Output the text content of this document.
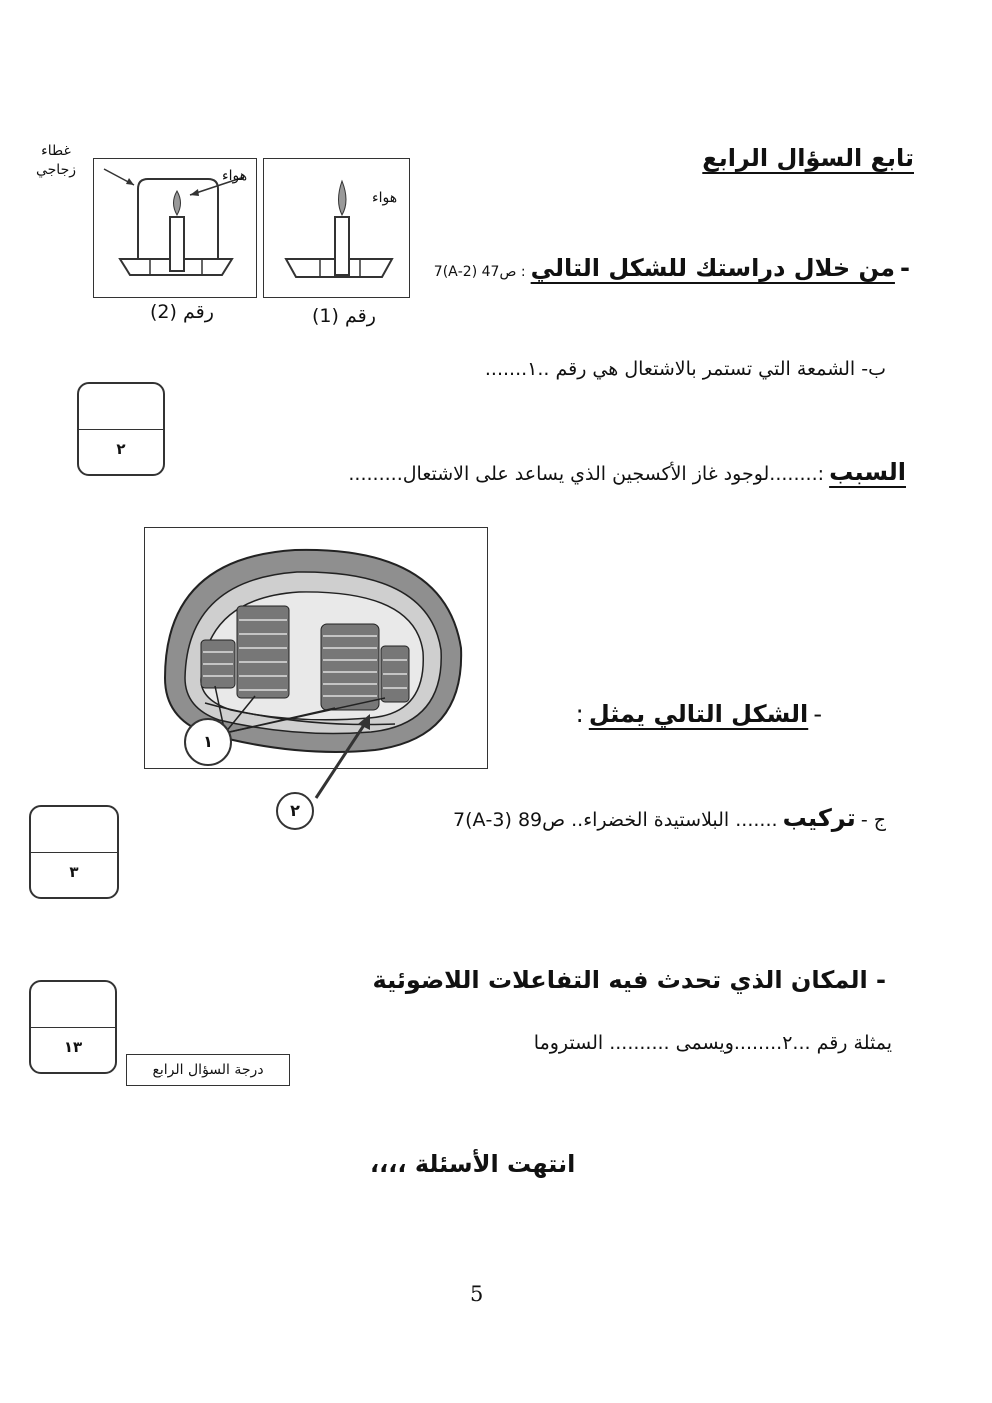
تابع السؤال الرابع
هواء
غطاء
زجاجي
رقم (2)
هواء
رقم (1)
- من خلال دراستك للشكل التالي : ص47 (2-A)7
ب- الشمعة التي تستمر بالاشتعال هي رقم ..١.......
٢
السبب :........لوجود غاز الأكسجين الذي يساعد على الاشتعال.........
١
٢
- الشكل التالي يمثل :
ج - تركيب ....... البلاستيدة الخضراء.. ص89 (3-A)7
٣
- المكان الذي تحدث فيه التفاعلات اللاضوئية
يمثلة رقم ...٢........ويسمى .......... الستروما
١٣
درجة السؤال الرابع
انتهت الأسئلة ،،،،
5
